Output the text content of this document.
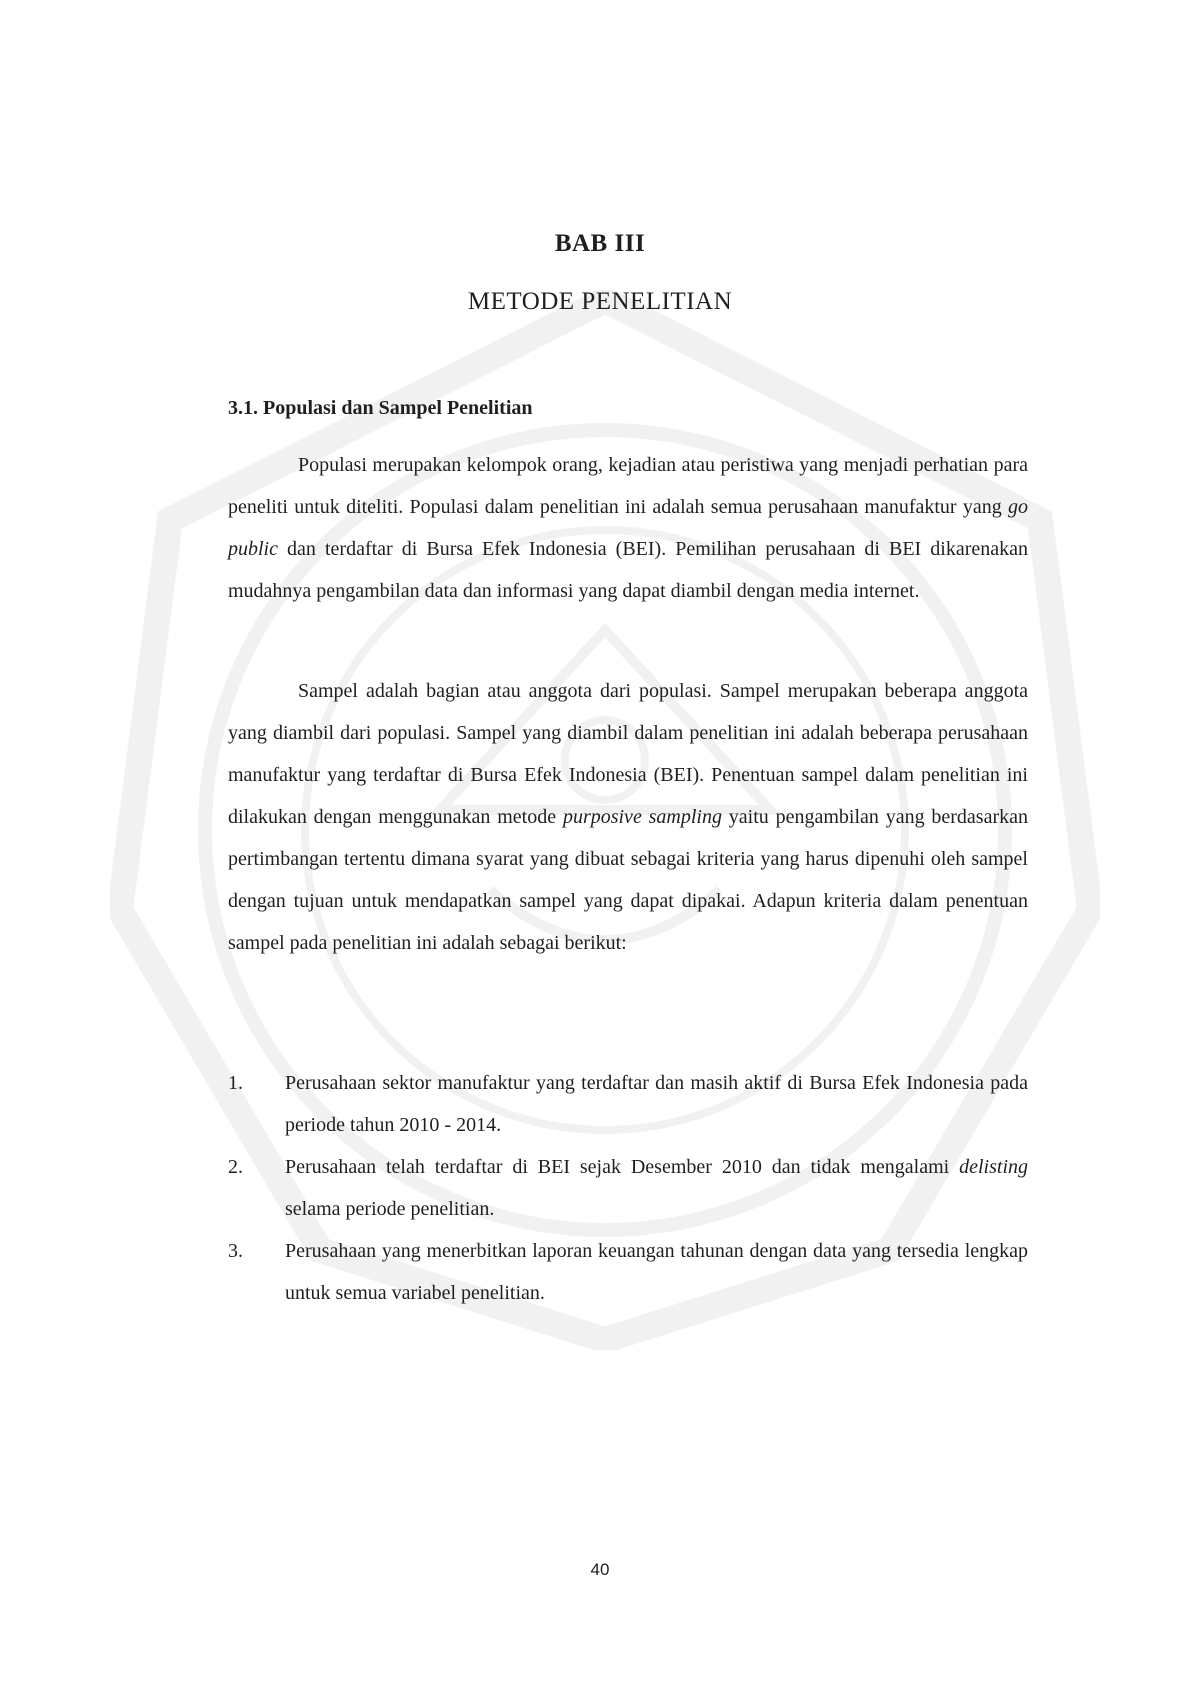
BAB III
METODE PENELITIAN
3.1. Populasi dan Sampel Penelitian

Populasi merupakan kelompok orang, kejadian atau peristiwa yang menjadi perhatian para peneliti untuk diteliti. Populasi dalam penelitian ini adalah semua perusahaan manufaktur yang go public dan terdaftar di Bursa Efek Indonesia (BEI). Pemilihan perusahaan di BEI dikarenakan mudahnya pengambilan data dan informasi yang dapat diambil dengan media internet.

Sampel adalah bagian atau anggota dari populasi. Sampel merupakan beberapa anggota yang diambil dari populasi. Sampel yang diambil dalam penelitian ini adalah beberapa perusahaan manufaktur yang terdaftar di Bursa Efek Indonesia (BEI). Penentuan sampel dalam penelitian ini dilakukan dengan menggunakan metode purposive sampling yaitu pengambilan yang berdasarkan pertimbangan tertentu dimana syarat yang dibuat sebagai kriteria yang harus dipenuhi oleh sampel dengan tujuan untuk mendapatkan sampel yang dapat dipakai. Adapun kriteria dalam penentuan sampel pada penelitian ini adalah sebagai berikut:

1. Perusahaan sektor manufaktur yang terdaftar dan masih aktif di Bursa Efek Indonesia pada periode tahun 2010 - 2014.
2. Perusahaan telah terdaftar di BEI sejak Desember 2010 dan tidak mengalami delisting selama periode penelitian.
3. Perusahaan yang menerbitkan laporan keuangan tahunan dengan data yang tersedia lengkap untuk semua variabel penelitian.
40
